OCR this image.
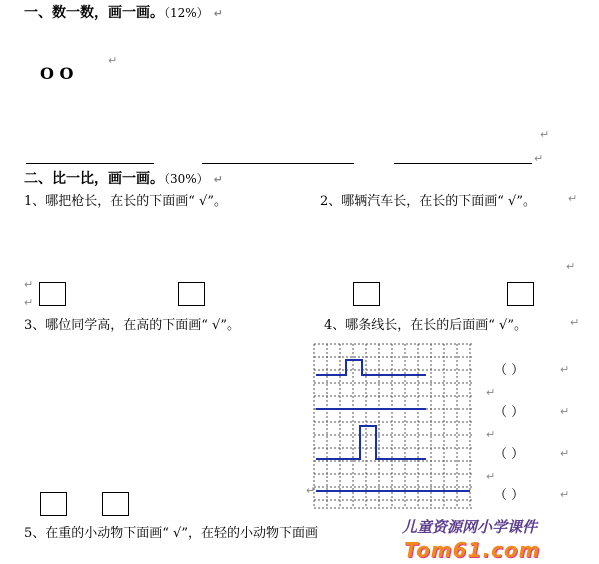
一、数一数，画一画。（12%） ↵
O O
↵
↵
↵
二、比一比，画一画。（30%） ↵
1、哪把枪长，在长的下面画“ √”。	2、哪辆汽车长，在长的下面画“ √”。	↵
↵
↵
↵
3、哪位同学高，在高的下面画“ √”。	4、哪条线长，在长的后面画“ √”。	↵
↵
（ ）
（ ）
（ ）
（ ）
↵
↵
↵
↵
↵
↵
↵
5、在重的小动物下面画“ √”，在轻的小动物下面画	儿童资源网小学课件
Tom61.com
